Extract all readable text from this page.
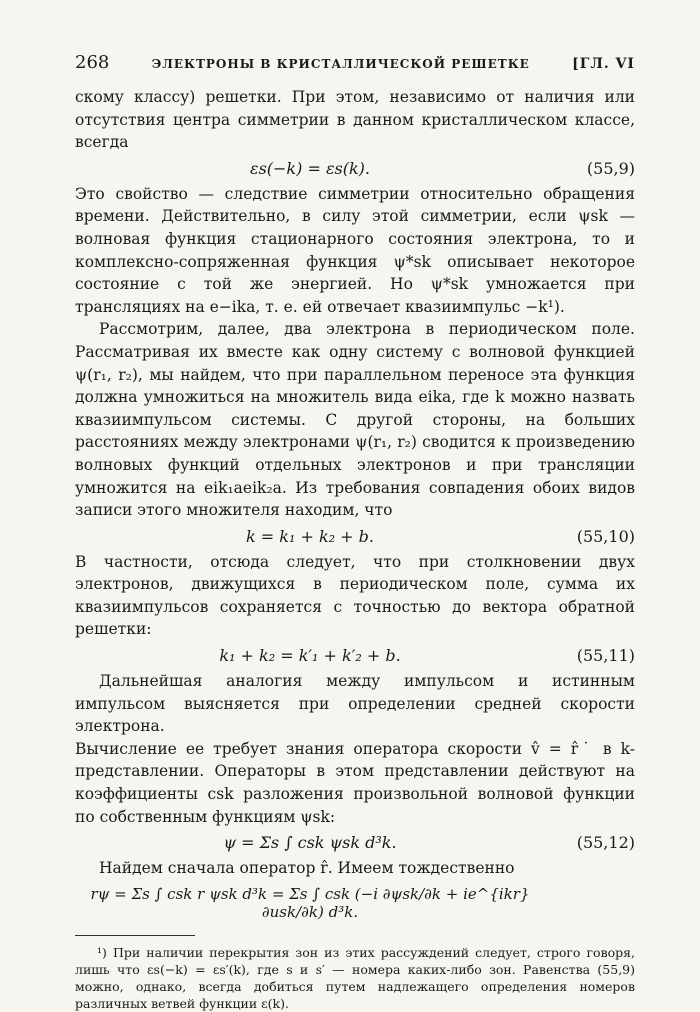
268	ЭЛЕКТРОНЫ В КРИСТАЛЛИЧЕСКОЙ РЕШЕТКЕ	[ГЛ. VI

скому классу) решетки. При этом, независимо от наличия или отсутствия центра симметрии в данном кристаллическом классе, всегда

εs(−k) = εs(k).	(55,9)

Это свойство — следствие симметрии относительно обращения времени. Действительно, в силу этой симметрии, если ψsk — волновая функция стационарного состояния электрона, то и комплексно-сопряженная функция ψ*sk описывает некоторое состояние с той же энергией. Но ψ*sk умножается при трансляциях на e−ika, т. е. ей отвечает квазиимпульс −k¹).

Рассмотрим, далее, два электрона в периодическом поле. Рассматривая их вместе как одну систему с волновой функцией ψ(r₁, r₂), мы найдем, что при параллельном переносе эта функция должна умножиться на множитель вида eika, где k можно назвать квазиимпульсом системы. С другой стороны, на больших расстояниях между электронами ψ(r₁, r₂) сводится к произведению волновых функций отдельных электронов и при трансляции умножится на eik₁aeik₂a. Из требования совпадения обоих видов записи этого множителя находим, что

k = k₁ + k₂ + b.	(55,10)

В частности, отсюда следует, что при столкновении двух электронов, движущихся в периодическом поле, сумма их квазиимпульсов сохраняется с точностью до вектора обратной решетки:

k₁ + k₂ = k′₁ + k′₂ + b.	(55,11)

Дальнейшая аналогия между импульсом и истинным импульсом выясняется при определении средней скорости электрона.

Вычисление ее требует знания оператора скорости v̂ = r̂˙ в k-представлении. Операторы в этом представлении действуют на коэффициенты csk разложения произвольной волновой функции по собственным функциям ψsk:

ψ = Σs ∫ csk ψsk d³k.	(55,12)

Найдем сначала оператор r̂. Имеем тождественно

rψ = Σs ∫ csk r ψsk d³k = Σs ∫ csk (−i ∂ψsk/∂k + ie^{ikr} ∂usk/∂k) d³k.

¹) При наличии перекрытия зон из этих рассуждений следует, строго говоря, лишь что εs(−k) = εs′(k), где s и s′ — номера каких-либо зон. Равенства (55,9) можно, однако, всегда добиться путем надлежащего определения номеров различных ветвей функции ε(k).
